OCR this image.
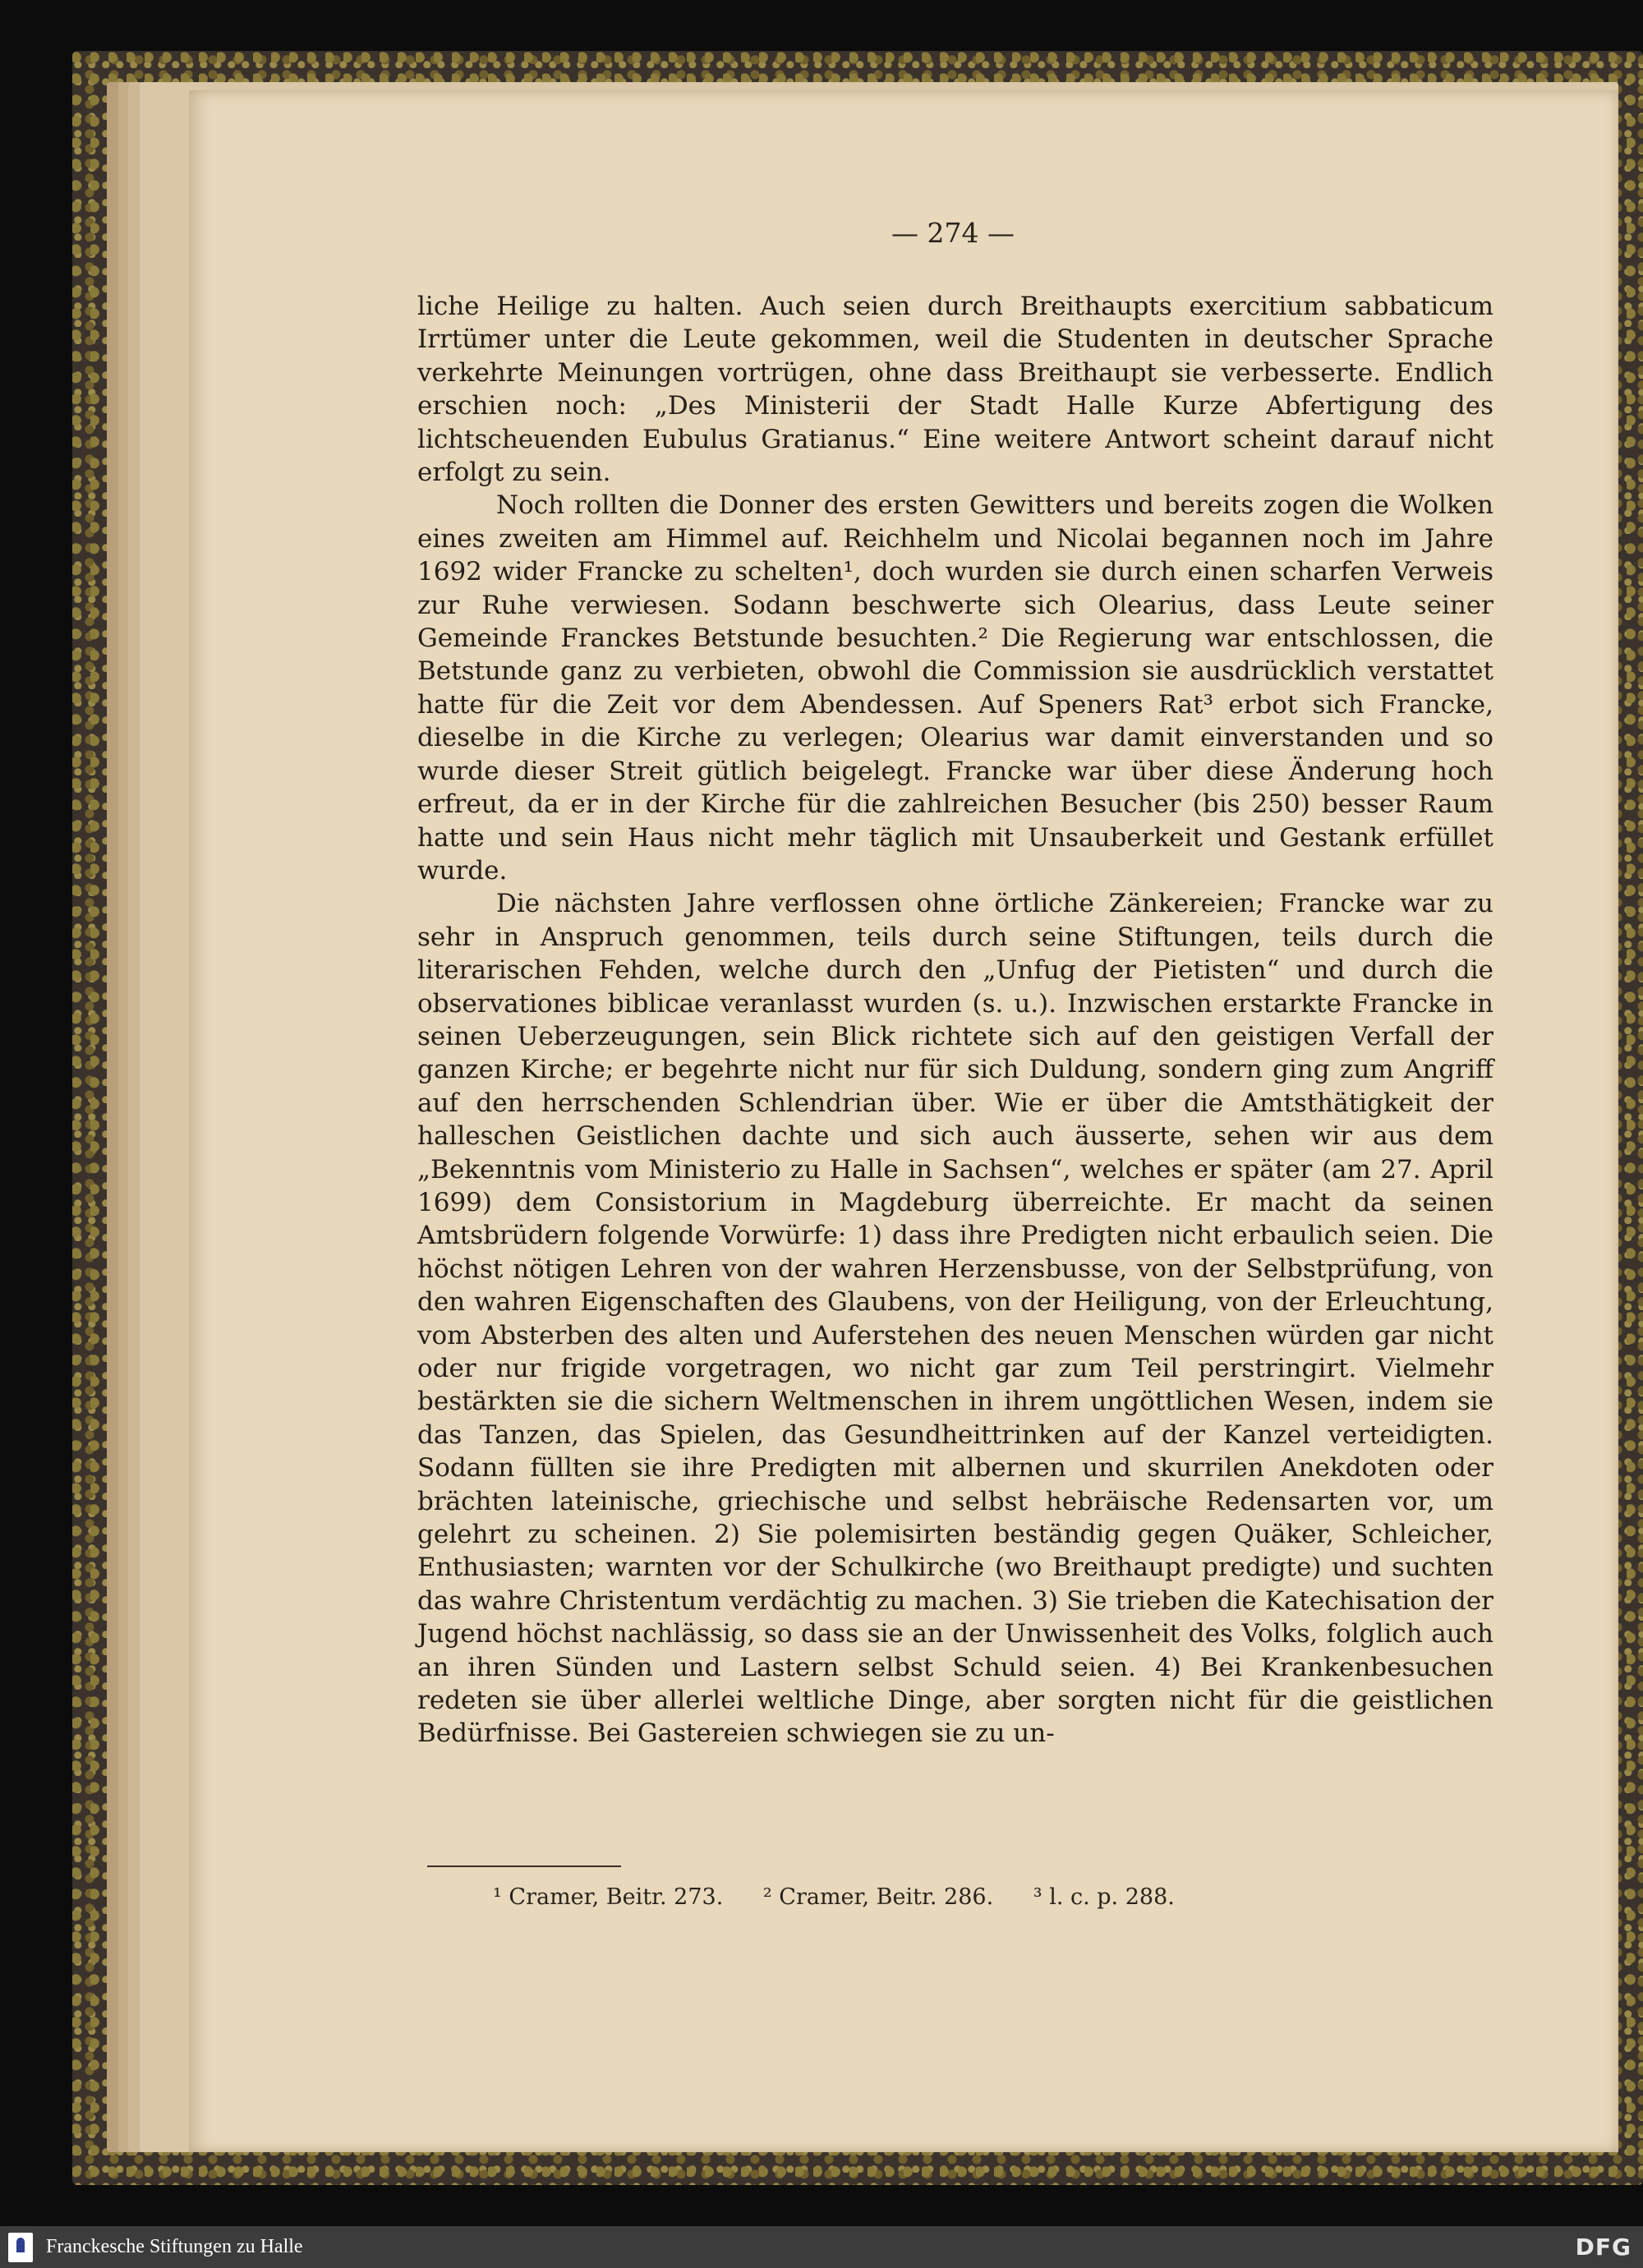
— 274 —

liche Heilige zu halten. Auch seien durch Breithaupts exercitium sabbaticum Irrtümer unter die Leute gekommen, weil die Studenten in deutscher Sprache verkehrte Meinungen vortrügen, ohne dass Breithaupt sie verbesserte. Endlich erschien noch: „Des Ministerii der Stadt Halle Kurze Abfertigung des lichtscheuenden Eubulus Gratianus.“ Eine weitere Antwort scheint darauf nicht erfolgt zu sein.

Noch rollten die Donner des ersten Gewitters und bereits zogen die Wolken eines zweiten am Himmel auf. Reichhelm und Nicolai begannen noch im Jahre 1692 wider Francke zu schelten¹, doch wurden sie durch einen scharfen Verweis zur Ruhe verwiesen. Sodann beschwerte sich Olearius, dass Leute seiner Gemeinde Franckes Betstunde besuchten.² Die Regierung war entschlossen, die Betstunde ganz zu verbieten, obwohl die Commission sie ausdrücklich verstattet hatte für die Zeit vor dem Abendessen. Auf Speners Rat³ erbot sich Francke, dieselbe in die Kirche zu verlegen; Olearius war damit einverstanden und so wurde dieser Streit gütlich beigelegt. Francke war über diese Änderung hoch erfreut, da er in der Kirche für die zahlreichen Besucher (bis 250) besser Raum hatte und sein Haus nicht mehr täglich mit Unsauberkeit und Gestank erfüllet wurde.

Die nächsten Jahre verflossen ohne örtliche Zänkereien; Francke war zu sehr in Anspruch genommen, teils durch seine Stiftungen, teils durch die literarischen Fehden, welche durch den „Unfug der Pietisten“ und durch die observationes biblicae veranlasst wurden (s. u.). Inzwischen erstarkte Francke in seinen Ueberzeugungen, sein Blick richtete sich auf den geistigen Verfall der ganzen Kirche; er begehrte nicht nur für sich Duldung, sondern ging zum Angriff auf den herrschenden Schlendrian über. Wie er über die Amtsthätigkeit der halleschen Geistlichen dachte und sich auch äusserte, sehen wir aus dem „Bekenntnis vom Ministerio zu Halle in Sachsen“, welches er später (am 27. April 1699) dem Consistorium in Magdeburg überreichte. Er macht da seinen Amtsbrüdern folgende Vorwürfe: 1) dass ihre Predigten nicht erbaulich seien. Die höchst nötigen Lehren von der wahren Herzensbusse, von der Selbstprüfung, von den wahren Eigenschaften des Glaubens, von der Heiligung, von der Erleuchtung, vom Absterben des alten und Auferstehen des neuen Menschen würden gar nicht oder nur frigide vorgetragen, wo nicht gar zum Teil perstringirt. Vielmehr bestärkten sie die sichern Weltmenschen in ihrem ungöttlichen Wesen, indem sie das Tanzen, das Spielen, das Gesundheittrinken auf der Kanzel verteidigten. Sodann füllten sie ihre Predigten mit albernen und skurrilen Anekdoten oder brächten lateinische, griechische und selbst hebräische Redensarten vor, um gelehrt zu scheinen. 2) Sie polemisirten beständig gegen Quäker, Schleicher, Enthusiasten; warnten vor der Schulkirche (wo Breithaupt predigte) und suchten das wahre Christentum verdächtig zu machen. 3) Sie trieben die Katechisation der Jugend höchst nachlässig, so dass sie an der Unwissenheit des Volks, folglich auch an ihren Sünden und Lastern selbst Schuld seien. 4) Bei Krankenbesuchen redeten sie über allerlei weltliche Dinge, aber sorgten nicht für die geistlichen Bedürfnisse. Bei Gastereien schwiegen sie zu un-

¹ Cramer, Beitr. 273. ² Cramer, Beitr. 286. ³ l. c. p. 288.
Franckesche Stiftungen zu Halle	DFG
